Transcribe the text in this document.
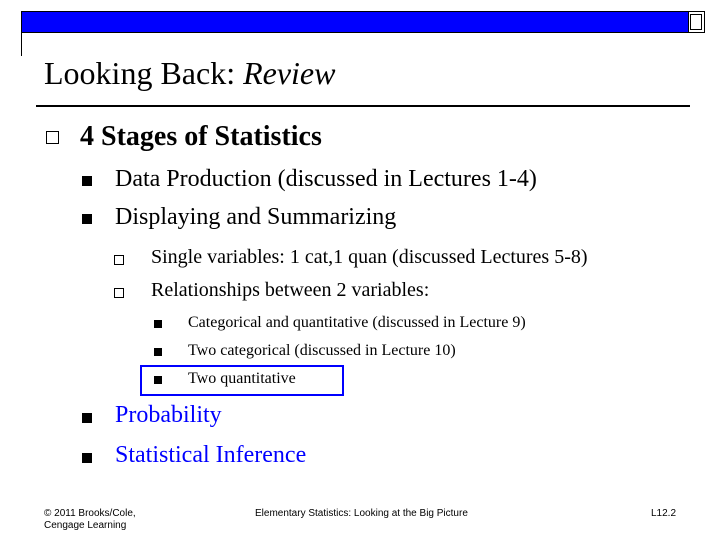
Looking Back: Review
4 Stages of Statistics
Data Production (discussed in Lectures 1-4)
Displaying and Summarizing
Single variables: 1 cat,1 quan (discussed Lectures 5-8)
Relationships between 2 variables:
Categorical and quantitative (discussed in Lecture 9)
Two categorical (discussed in Lecture 10)
Two quantitative
Probability
Statistical Inference
© 2011 Brooks/Cole,
Cengage Learning
Elementary Statistics: Looking at the Big Picture	L12.2
